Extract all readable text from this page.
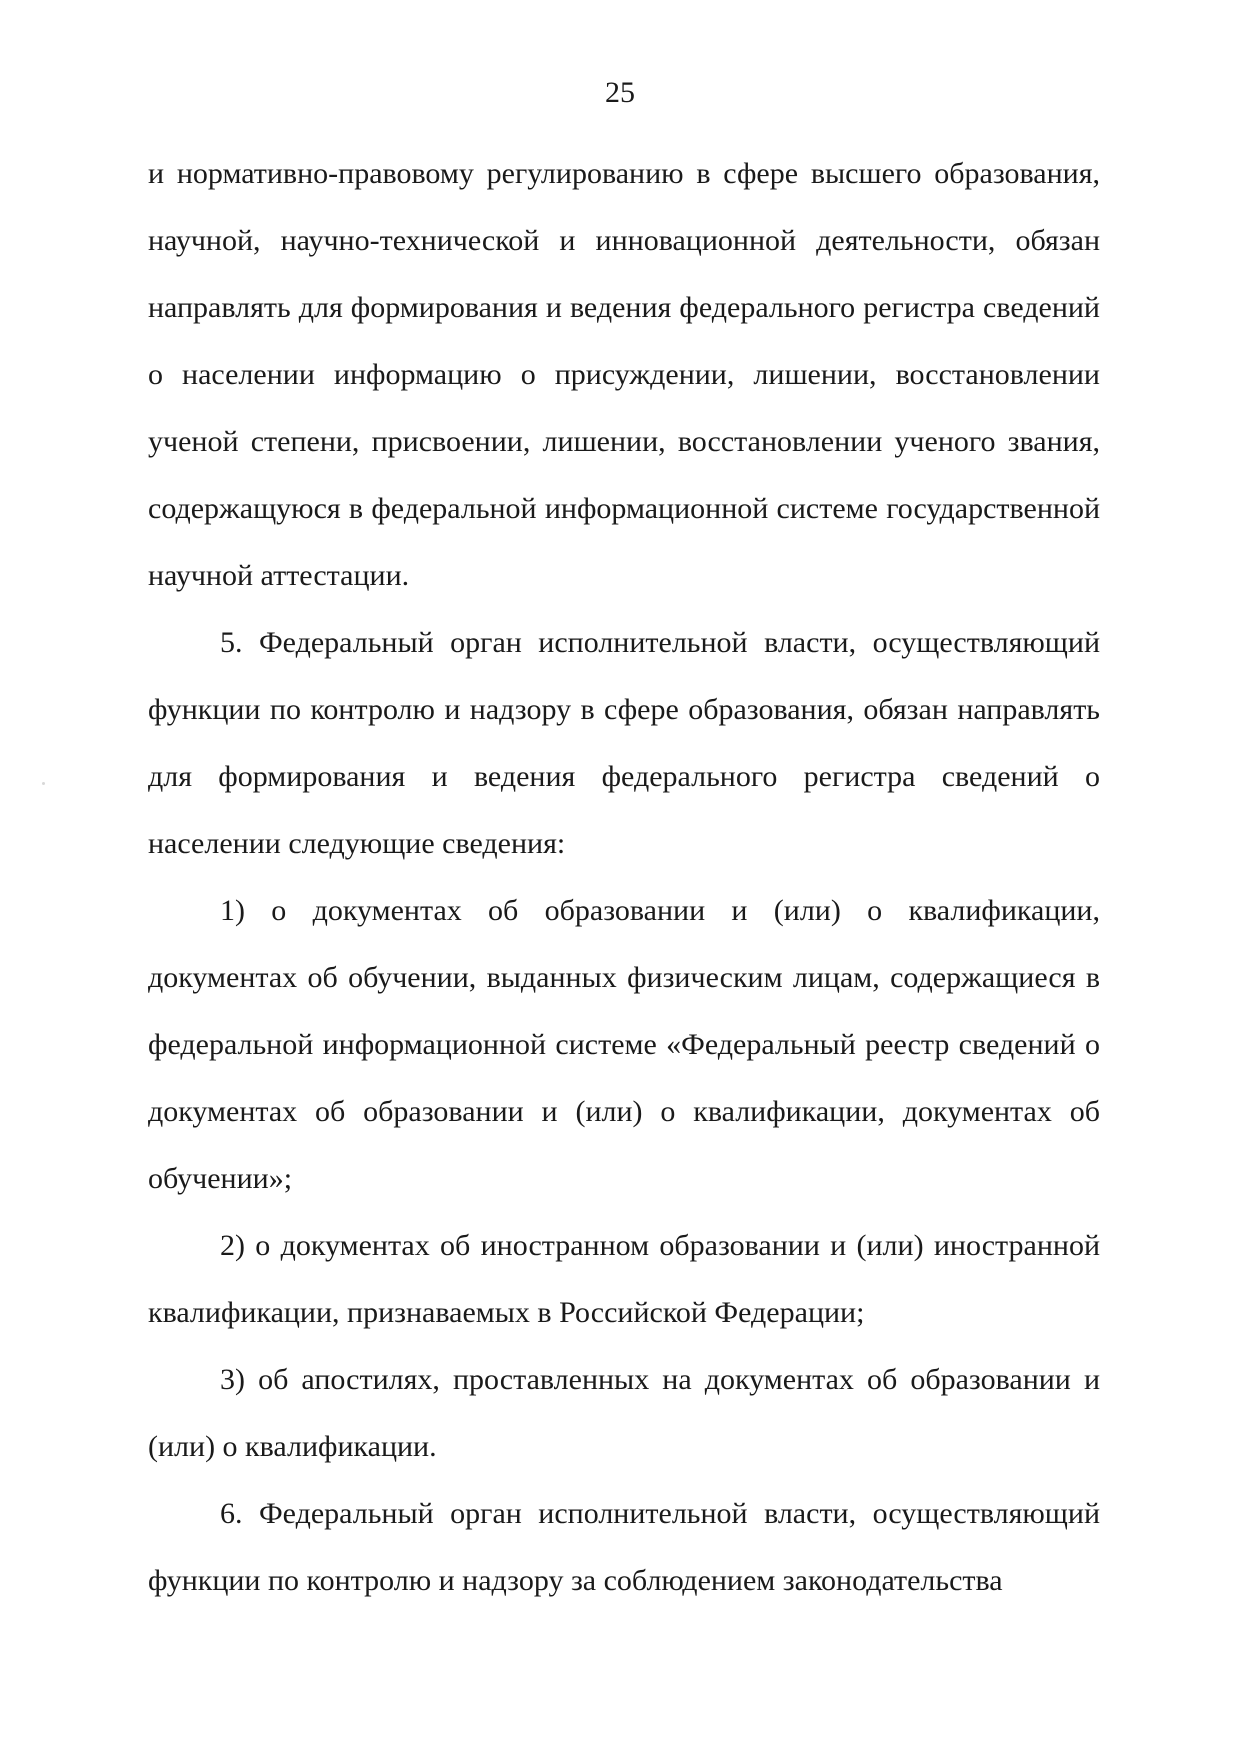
25

и нормативно-правовому регулированию в сфере высшего образования, научной, научно-технической и инновационной деятельности, обязан направлять для формирования и ведения федерального регистра сведений о населении информацию о присуждении, лишении, восстановлении ученой степени, присвоении, лишении, восстановлении ученого звания, содержащуюся в федеральной информационной системе государственной научной аттестации.

5. Федеральный орган исполнительной власти, осуществляющий функции по контролю и надзору в сфере образования, обязан направлять для формирования и ведения федерального регистра сведений о населении следующие сведения:

1) о документах об образовании и (или) о квалификации, документах об обучении, выданных физическим лицам, содержащиеся в федеральной информационной системе «Федеральный реестр сведений о документах об образовании и (или) о квалификации, документах об обучении»;

2) о документах об иностранном образовании и (или) иностранной квалификации, признаваемых в Российской Федерации;

3) об апостилях, проставленных на документах об образовании и (или) о квалификации.

6. Федеральный орган исполнительной власти, осуществляющий функции по контролю и надзору за соблюдением законодательства
